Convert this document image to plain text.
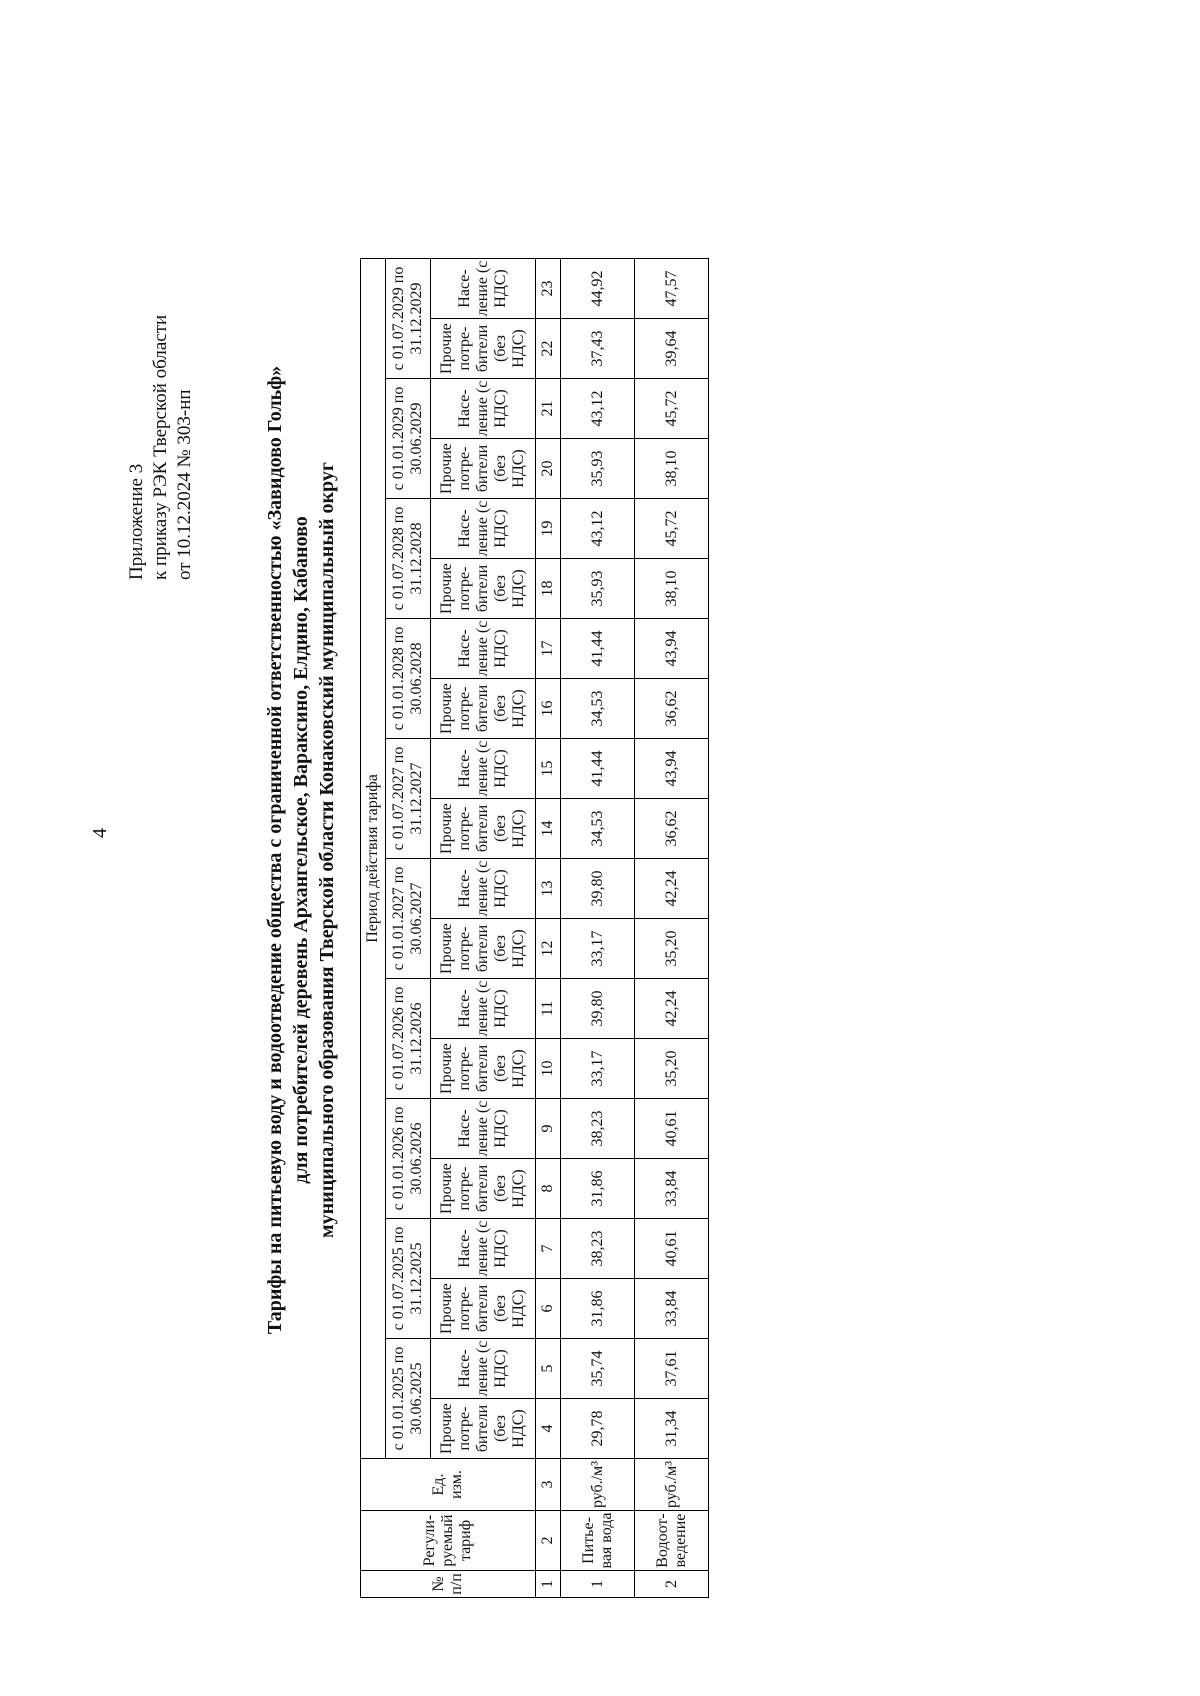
4
Приложение 3 к приказу РЭК Тверской области от 10.12.2024 № 303-нп	Тарифы на питьевую воду и водоотведение общества с ограниченной ответственностью «Завидово Гольф» для потребителей деревень Архангельское, Вараксино, Елдино, Кабаново муниципального образования Тверской области Конаковский муниципальный округ
№ п/п	Регули-руемый тариф	Ед. изм.	Период действия тарифа																			
			с 01.01.2025 по 30.06.2025		с 01.07.2025 по 31.12.2025		с 01.01.2026 по 30.06.2026		с 01.07.2026 по 31.12.2026		с 01.01.2027 по 30.06.2027		с 01.07.2027 по 31.12.2027		с 01.01.2028 по 30.06.2028		с 01.07.2028 по 31.12.2028		с 01.01.2029 по 30.06.2029		с 01.07.2029 по 31.12.2029	
			Прочие потре-бители (без НДС)	Насе-ление (с НДС)	Прочие потре-бители (без НДС)	Насе-ление (с НДС)	Прочие потре-бители (без НДС)	Насе-ление (с НДС)	Прочие потре-бители (без НДС)	Насе-ление (с НДС)	Прочие потре-бители (без НДС)	Насе-ление (с НДС)	Прочие потре-бители (без НДС)	Насе-ление (с НДС)	Прочие потре-бители (без НДС)	Насе-ление (с НДС)	Прочие потре-бители (без НДС)	Насе-ление (с НДС)	Прочие потре-бители (без НДС)	Насе-ление (с НДС)	Прочие потре-бители (без НДС)	Насе-ление (с НДС)
1	2	3	4	5	6	7	8	9	10	11	12	13	14	15	16	17	18	19	20	21	22	23
1	Питье-вая вода	руб./м³	29,78	35,74	31,86	38,23	31,86	38,23	33,17	39,80	33,17	39,80	34,53	41,44	34,53	41,44	35,93	43,12	35,93	43,12	37,43	44,92
2	Водоот-ведение	руб./м³	31,34	37,61	33,84	40,61	33,84	40,61	35,20	42,24	35,20	42,24	36,62	43,94	36,62	43,94	38,10	45,72	38,10	45,72	39,64	47,57
